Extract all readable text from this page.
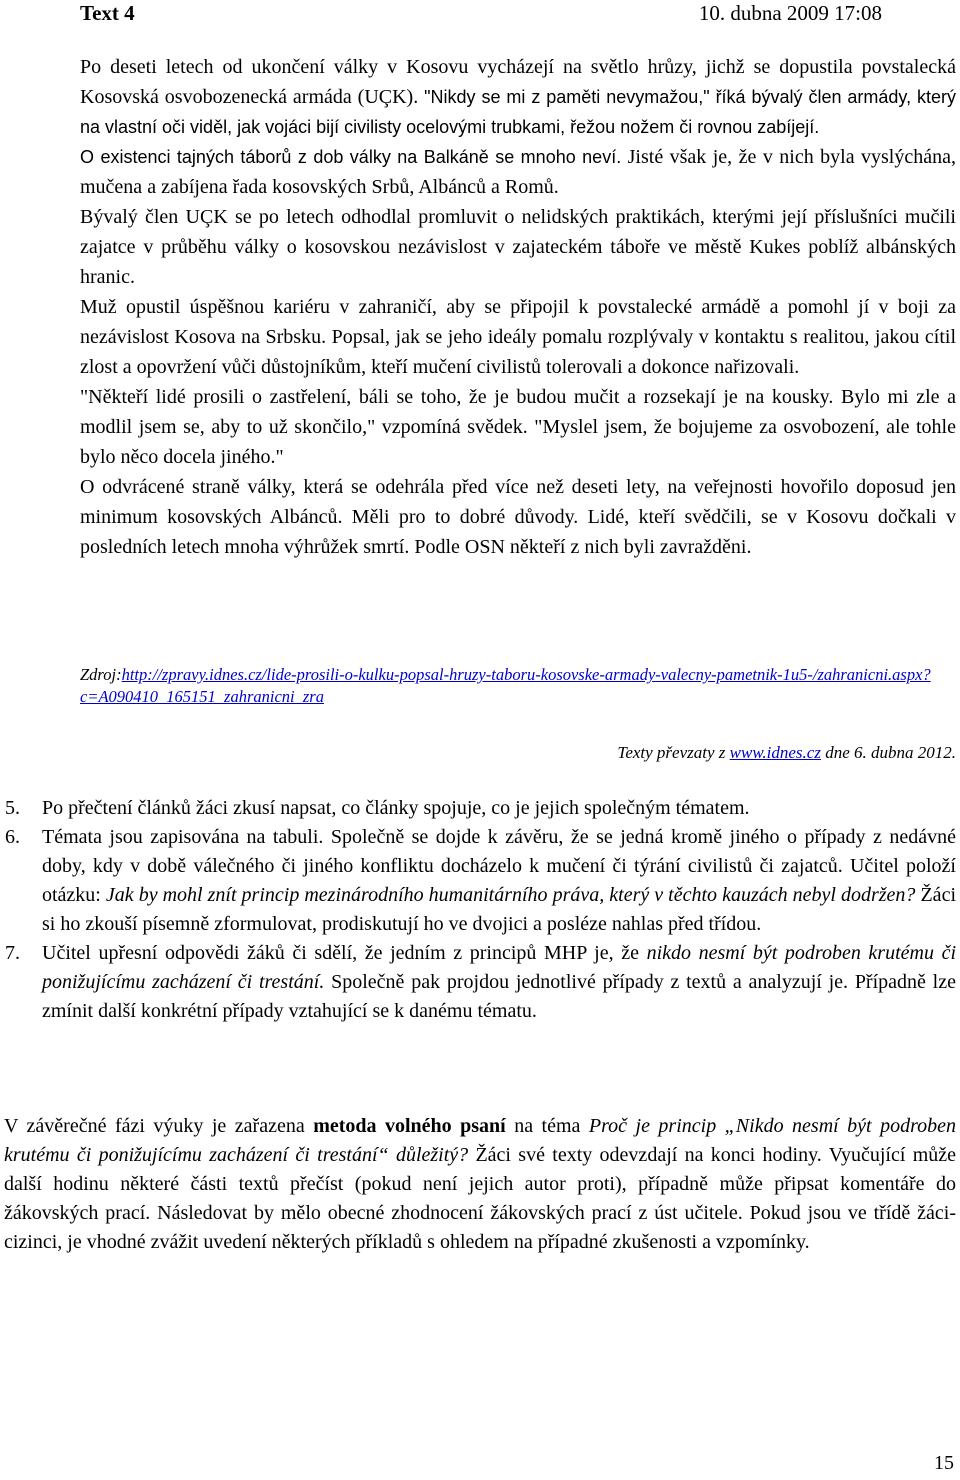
Text 4	10. dubna 2009 17:08

Po deseti letech od ukončení války v Kosovu vycházejí na světlo hrůzy, jichž se dopustila povstalecká Kosovská osvobozenecká armáda (UÇK). "Nikdy se mi z paměti nevymažou," říká bývalý člen armády, který na vlastní oči viděl, jak vojáci bijí civilisty ocelovými trubkami, řežou nožem či rovnou zabíjejí.

O existenci tajných táborů z dob války na Balkáně se mnoho neví. Jisté však je, že v nich byla vyslýchána, mučena a zabíjena řada kosovských Srbů, Albánců a Romů.

Bývalý člen UÇK se po letech odhodlal promluvit o nelidských praktikách, kterými její příslušníci mučili zajatce v průběhu války o kosovskou nezávislost v zajateckém táboře ve městě Kukes poblíž albánských hranic.

Muž opustil úspěšnou kariéru v zahraničí, aby se připojil k povstalecké armádě a pomohl jí v boji za nezávislost Kosova na Srbsku. Popsal, jak se jeho ideály pomalu rozplývaly v kontaktu s realitou, jakou cítil zlost a opovržení vůči důstojníkům, kteří mučení civilistů tolerovali a dokonce nařizovali.

"Někteří lidé prosili o zastřelení, báli se toho, že je budou mučit a rozsekají je na kousky. Bylo mi zle a modlil jsem se, aby to už skončilo," vzpomíná svědek. "Myslel jsem, že bojujeme za osvobození, ale tohle bylo něco docela jiného."

O odvrácené straně války, která se odehrála před více než deseti lety, na veřejnosti hovořilo doposud jen minimum kosovských Albánců. Měli pro to dobré důvody. Lidé, kteří svědčili, se v Kosovu dočkali v posledních letech mnoha výhrůžek smrtí. Podle OSN někteří z nich byli zavražděni.

Zdroj:http://zpravy.idnes.cz/lide-prosili-o-kulku-popsal-hruzy-taboru-kosovske-armady-valecny-pametnik-1u5-/zahranicni.aspx?c=A090410_165151_zahranicni_zra
Texty převzaty z www.idnes.cz dne 6. dubna 2012.
5. Po přečtení článků žáci zkusí napsat, co články spojuje, co je jejich společným tématem.
6. Témata jsou zapisována na tabuli. Společně se dojde k závěru, že se jedná kromě jiného o případy z nedávné doby, kdy v době válečného či jiného konfliktu docházelo k mučení či týrání civilistů či zajatců. Učitel položí otázku: Jak by mohl znít princip mezinárodního humanitárního práva, který v těchto kauzách nebyl dodržen? Žáci si ho zkouší písemně zformulovat, prodiskutují ho ve dvojici a posléze nahlas před třídou.
7. Učitel upřesní odpovědi žáků či sdělí, že jedním z principů MHP je, že nikdo nesmí být podroben krutému či ponižujícímu zacházení či trestání. Společně pak projdou jednotlivé případy z textů a analyzují je. Případně lze zmínit další konkrétní případy vztahující se k danému tématu.

V závěrečné fázi výuky je zařazena metoda volného psaní na téma Proč je princip „Nikdo nesmí být podroben krutému či ponižujícímu zacházení či trestání“ důležitý? Žáci své texty odevzdají na konci hodiny. Vyučující může další hodinu některé části textů přečíst (pokud není jejich autor proti), případně může připsat komentáře do žákovských prací. Následovat by mělo obecné zhodnocení žákovských prací z úst učitele. Pokud jsou ve třídě žáci-cizinci, je vhodné zvážit uvedení některých příkladů s ohledem na případné zkušenosti a vzpomínky.

15
